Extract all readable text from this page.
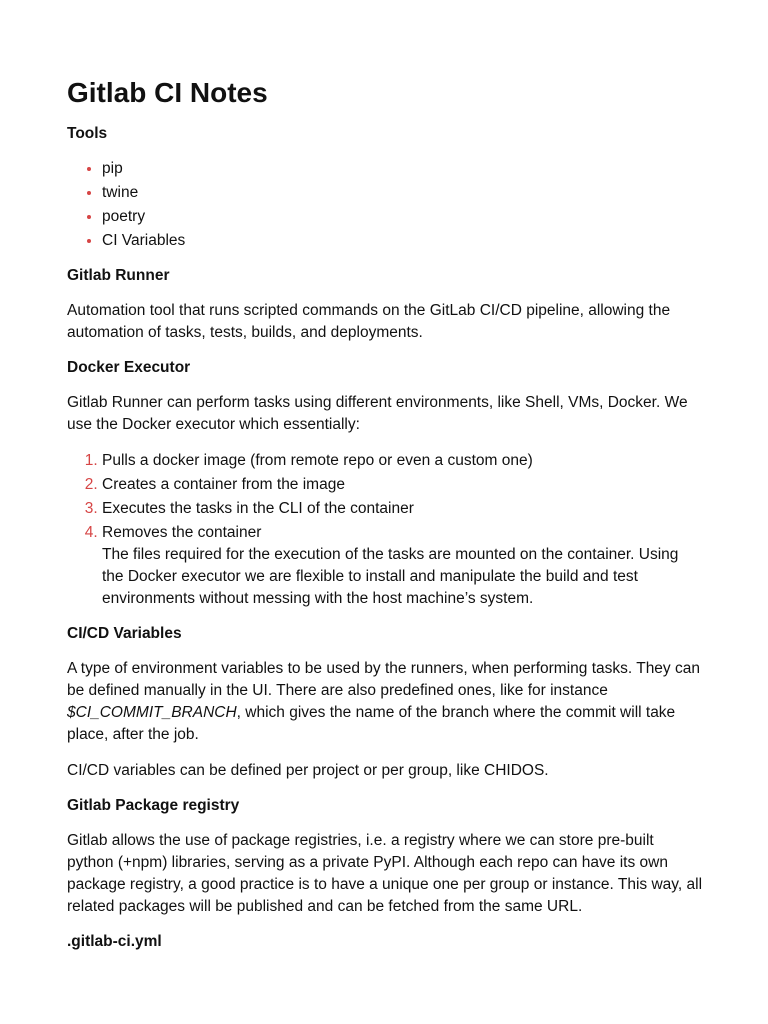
Gitlab CI Notes
Tools
• pip
• twine
• poetry
• CI Variables
Gitlab Runner

Automation tool that runs scripted commands on the GitLab CI/CD pipeline, allowing the automation of tasks, tests, builds, and deployments.

Docker Executor

Gitlab Runner can perform tasks using different environments, like Shell, VMs, Docker. We use the Docker executor which essentially:

1. Pulls a docker image (from remote repo or even a custom one)
2. Creates a container from the image
3. Executes the tasks in the CLI of the container
4. Removes the container
The files required for the execution of the tasks are mounted on the container. Using the Docker executor we are flexible to install and manipulate the build and test environments without messing with the host machine’s system.
CI/CD Variables

A type of environment variables to be used by the runners, when performing tasks. They can be defined manually in the UI. There are also predefined ones, like for instance $CI_COMMIT_BRANCH, which gives the name of the branch where the commit will take place, after the job.

CI/CD variables can be defined per project or per group, like CHIDOS.

Gitlab Package registry

Gitlab allows the use of package registries, i.e. a registry where we can store pre-built python (+npm) libraries, serving as a private PyPI. Although each repo can have its own package registry, a good practice is to have a unique one per group or instance. This way, all related packages will be published and can be fetched from the same URL.

.gitlab-ci.yml
